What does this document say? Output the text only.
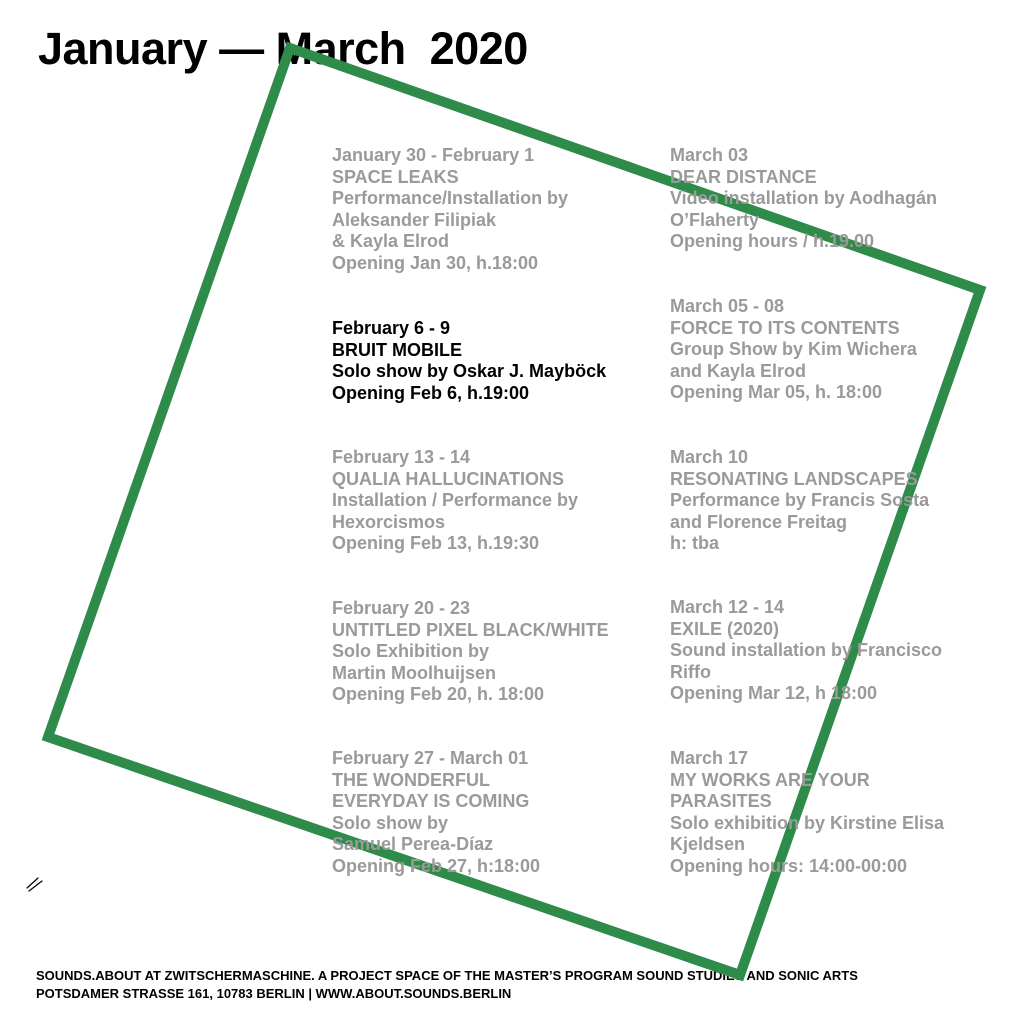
January — March  2020
January 30 - February 1
SPACE LEAKS
Performance/Installation by
Aleksander Filipiak
& Kayla Elrod
Opening Jan 30, h.18:00
February 6 - 9
BRUIT MOBILE
Solo show by Oskar J. Mayböck
Opening Feb 6, h.19:00
February 13 - 14
QUALIA HALLUCINATIONS
Installation / Performance by
Hexorcismos
Opening Feb 13, h.19:30
February 20 - 23
UNTITLED PIXEL BLACK/WHITE
Solo Exhibition by
Martin Moolhuijsen
Opening Feb 20, h. 18:00
February 27 - March 01
THE WONDERFUL
EVERYDAY IS COMING
Solo show by
Samuel Perea-Díaz
Opening Feb 27, h:18:00
March 03
DEAR DISTANCE
Video installation by Aodhagán
O’Flaherty
Opening hours / h.19.00
March 05 - 08
FORCE TO ITS CONTENTS
Group Show by Kim Wichera
and Kayla Elrod
Opening Mar 05, h. 18:00
March 10
RESONATING LANDSCAPES
Performance by Francis Sosta
and Florence Freitag
h: tba
March 12 - 14
EXILE (2020)
Sound installation by Francisco
Riffo
Opening Mar 12, h 18:00
March 17
MY WORKS ARE YOUR
PARASITES
Solo exhibition by Kirstine Elisa
Kjeldsen
Opening hours: 14:00-00:00
SOUNDS.ABOUT AT ZWITSCHERMASCHINE. A PROJECT SPACE OF THE MASTER’S PROGRAM SOUND STUDIES AND SONIC ARTS
POTSDAMER STRASSE 161, 10783 BERLIN | WWW.ABOUT.SOUNDS.BERLIN
